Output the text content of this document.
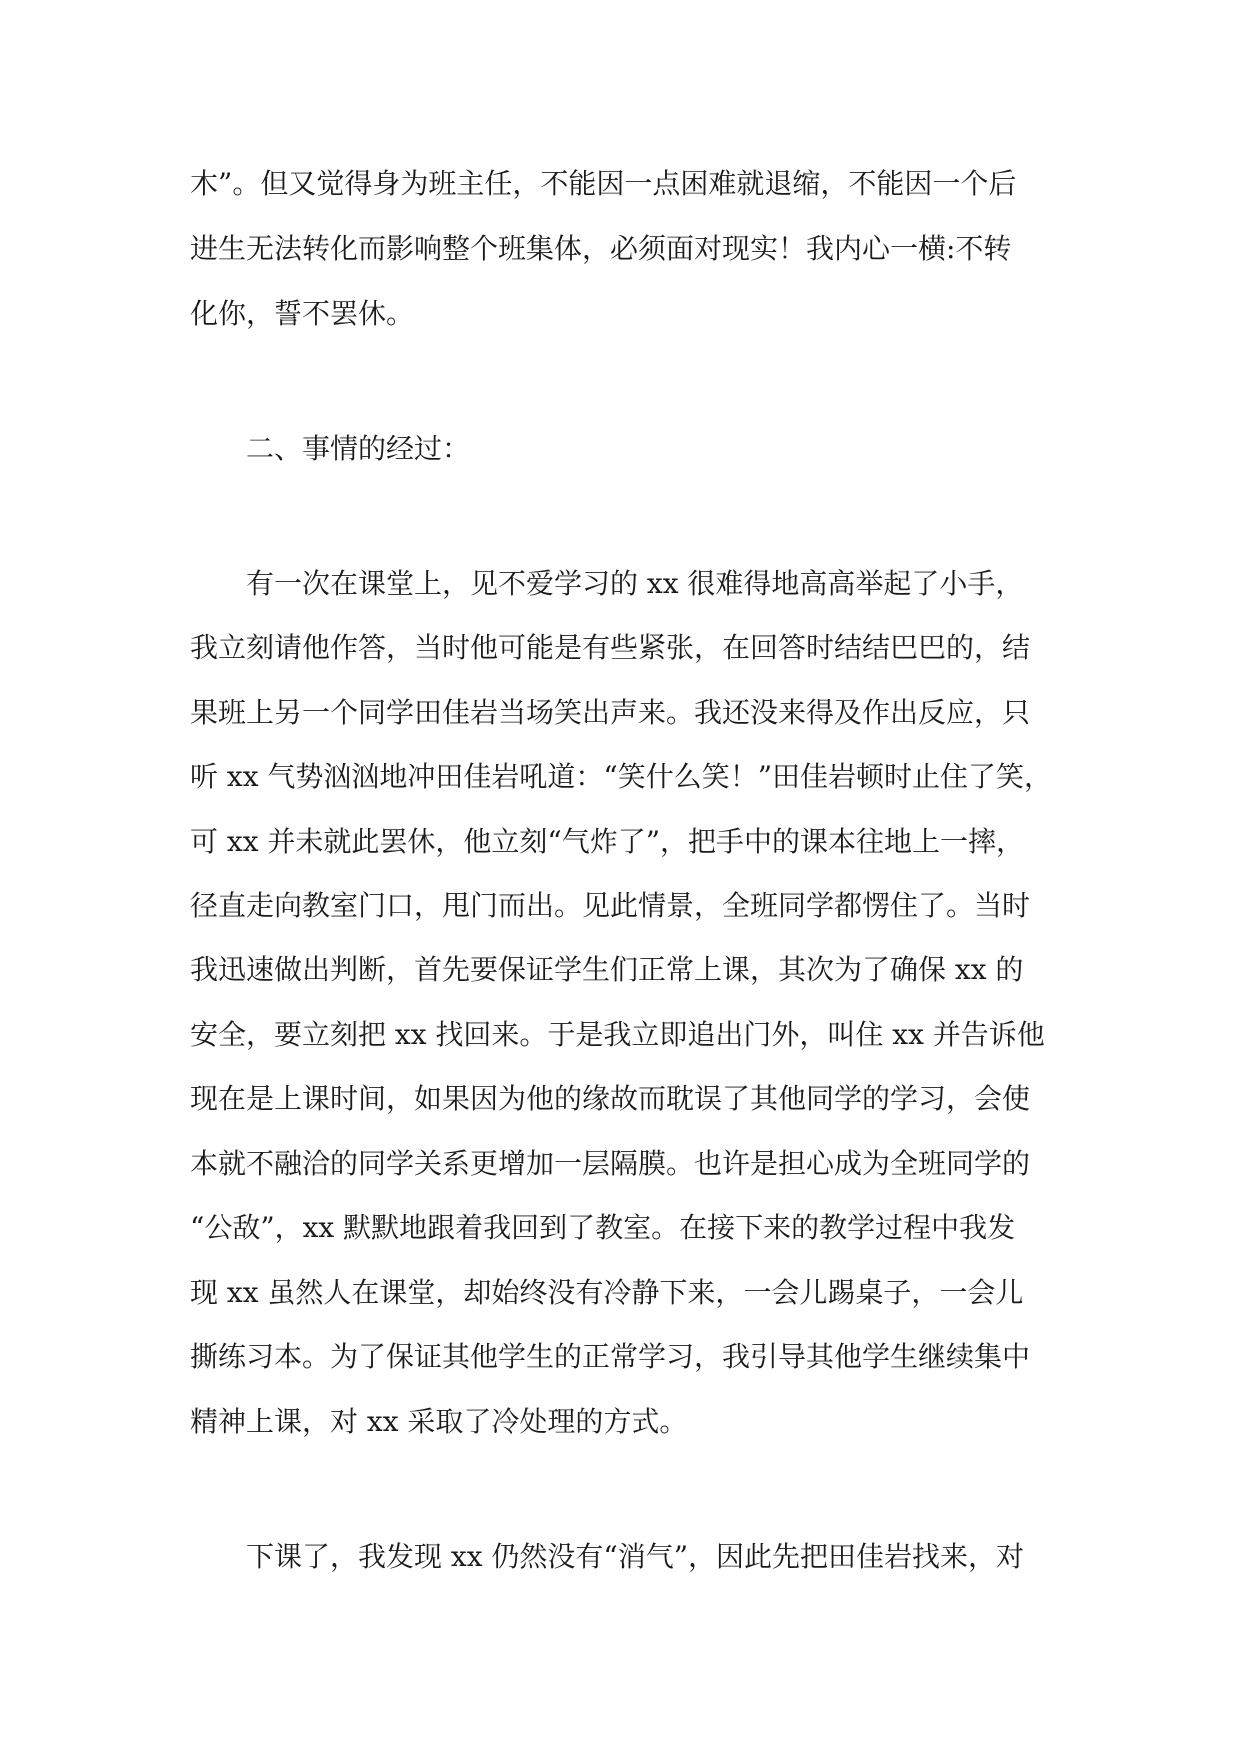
木”。但又觉得身为班主任，不能因一点困难就退缩，不能因一个后
进生无法转化而影响整个班集体，必须面对现实！我内心一横:不转
化你，誓不罢休。
二、事情的经过：
有一次在课堂上，见不爱学习的 xx 很难得地高高举起了小手，
我立刻请他作答，当时他可能是有些紧张，在回答时结结巴巴的，结
果班上另一个同学田佳岩当场笑出声来。我还没来得及作出反应，只
听 xx 气势汹汹地冲田佳岩吼道：“笑什么笑！”田佳岩顿时止住了笑，
可 xx 并未就此罢休，他立刻“气炸了”，把手中的课本往地上一摔，
径直走向教室门口，甩门而出。见此情景，全班同学都愣住了。当时
我迅速做出判断，首先要保证学生们正常上课，其次为了确保 xx 的
安全，要立刻把 xx 找回来。于是我立即追出门外，叫住 xx 并告诉他
现在是上课时间，如果因为他的缘故而耽误了其他同学的学习，会使
本就不融洽的同学关系更增加一层隔膜。也许是担心成为全班同学的
“公敌”，xx 默默地跟着我回到了教室。在接下来的教学过程中我发
现 xx 虽然人在课堂，却始终没有冷静下来，一会儿踢桌子，一会儿
撕练习本。为了保证其他学生的正常学习，我引导其他学生继续集中
精神上课，对 xx 采取了冷处理的方式。
下课了，我发现 xx 仍然没有“消气”，因此先把田佳岩找来，对
